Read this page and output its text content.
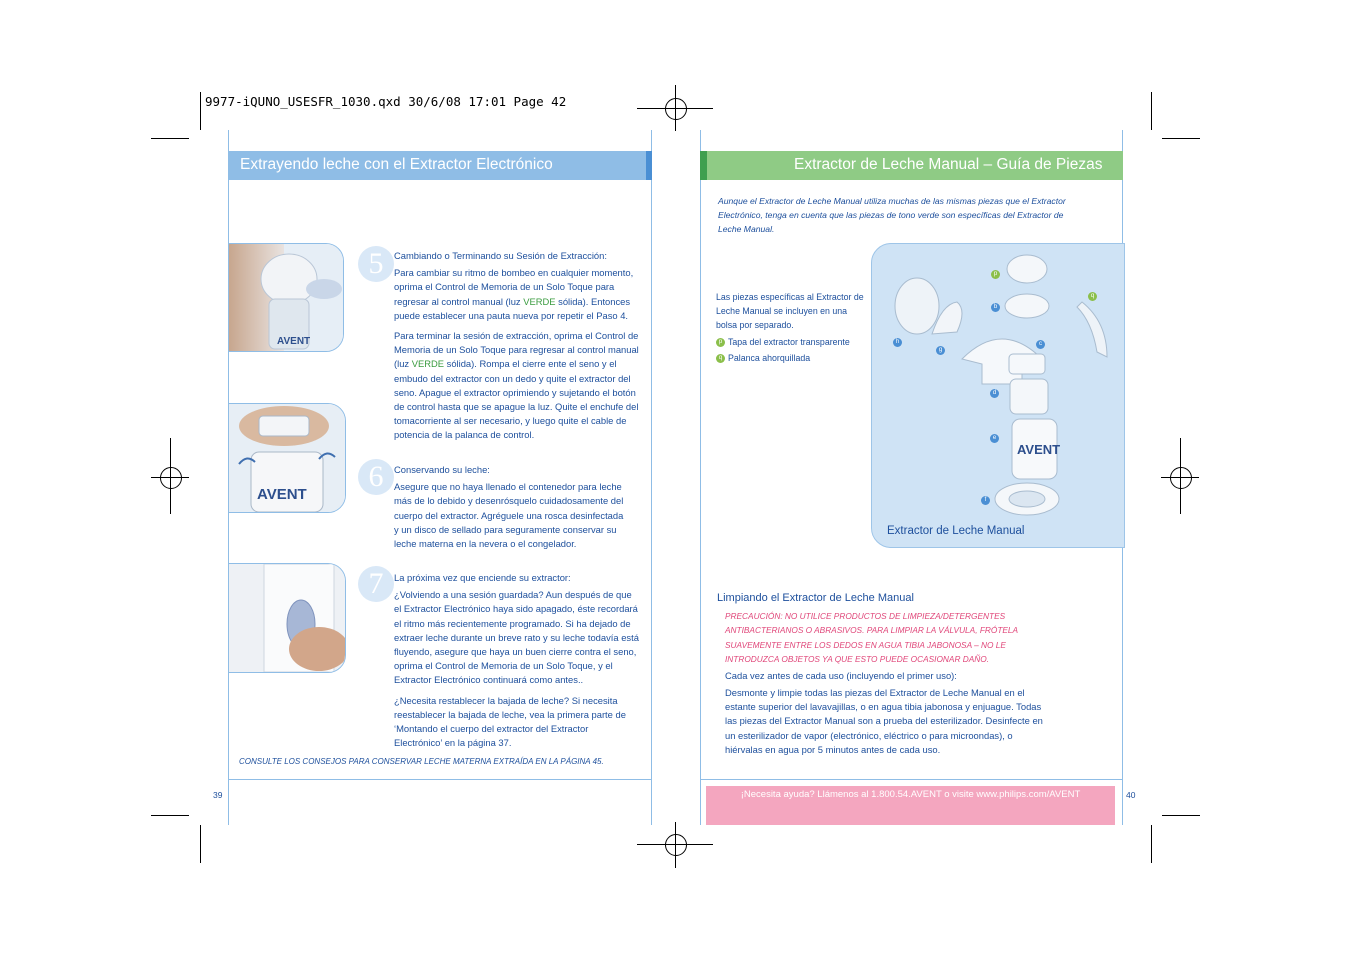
9977-iQUNO_USESFR_1030.qxd 30/6/08 17:01 Page 42
Extrayendo leche con el Extractor Electrónico
AVENT
AVENT
5
6
7

Cambiando o Terminando su Sesión de Extracción:

Para cambiar su ritmo de bombeo en cualquier momento, oprima el Control de Memoria de un Solo Toque para regresar al control manual (luz VERDE sólida). Entonces puede establecer una pauta nueva por repetir el Paso 4.

Para terminar la sesión de extracción, oprima el Control de Memoria de un Solo Toque para regresar al control manual (luz VERDE sólida). Rompa el cierre ente el seno y el embudo del extractor con un dedo y quite el extractor del seno. Apague el extractor oprimiendo y sujetando el botón de control hasta que se apague la luz. Quite el enchufe del tomacorriente al ser necesario, y luego quite el cable de potencia de la palanca de control.

Conservando su leche:

Asegure que no haya llenado el contenedor para leche más de lo debido y desenrósquelo cuidadosamente del cuerpo del extractor. Agréguele una rosca desinfectada y un disco de sellado para seguramente conservar su leche materna en la nevera o el congelador.

La próxima vez que enciende su extractor:

¿Volviendo a una sesión guardada? Aun después de que el Extractor Electrónico haya sido apagado, éste recordará el ritmo más recientemente programado. Si ha dejado de extraer leche durante un breve rato y su leche todavía está fluyendo, asegure que haya un buen cierre contra el seno, oprima el Control de Memoria de un Solo Toque, y el Extractor Electrónico continuará como antes..

¿Necesita restablecer la bajada de leche? Si necesita reestablecer la bajada de leche, vea la primera parte de ‘Montando el cuerpo del extractor del Extractor Electrónico’ en la página 37.

CONSULTE LOS CONSEJOS PARA CONSERVAR LECHE MATERNA EXTRAÍDA EN LA PÁGINA 45.
39
Extractor de Leche Manual – Guía de Piezas
Aunque el Extractor de Leche Manual utiliza muchas de las mismas piezas que el Extractor Electrónico, tenga en cuenta que las piezas de tono verde son específicas del Extractor de Leche Manual.

Las piezas específicas al Extractor de Leche Manual se incluyen en una bolsa por separado.

p Tapa del extractor transparente
q Palanca ahorquillada
AVENT
p
b
q
h
g
c
d
e
f
Extractor de Leche Manual
Limpiando el Extractor de Leche Manual
PRECAUCIÓN: NO UTILICE PRODUCTOS DE LIMPIEZA/DETERGENTES ANTIBACTERIANOS O ABRASIVOS. PARA LIMPIAR LA VÁLVULA, FRÓTELA SUAVEMENTE ENTRE LOS DEDOS EN AGUA TIBIA JABONOSA – NO LE INTRODUZCA OBJETOS YA QUE ESTO PUEDE OCASIONAR DAÑO.
Cada vez antes de cada uso (incluyendo el primer uso):
Desmonte y limpie todas las piezas del Extractor de Leche Manual en el estante superior del lavavajillas, o en agua tibia jabonosa y enjuague. Todas las piezas del Extractor Manual son a prueba del esterilizador. Desinfecte en un esterilizador de vapor (electrónico, eléctrico o para microondas), o hiérvalas en agua por 5 minutos antes de cada uso.
¡Necesita ayuda? Llámenos al 1.800.54.AVENT o visite www.philips.com/AVENT	40
